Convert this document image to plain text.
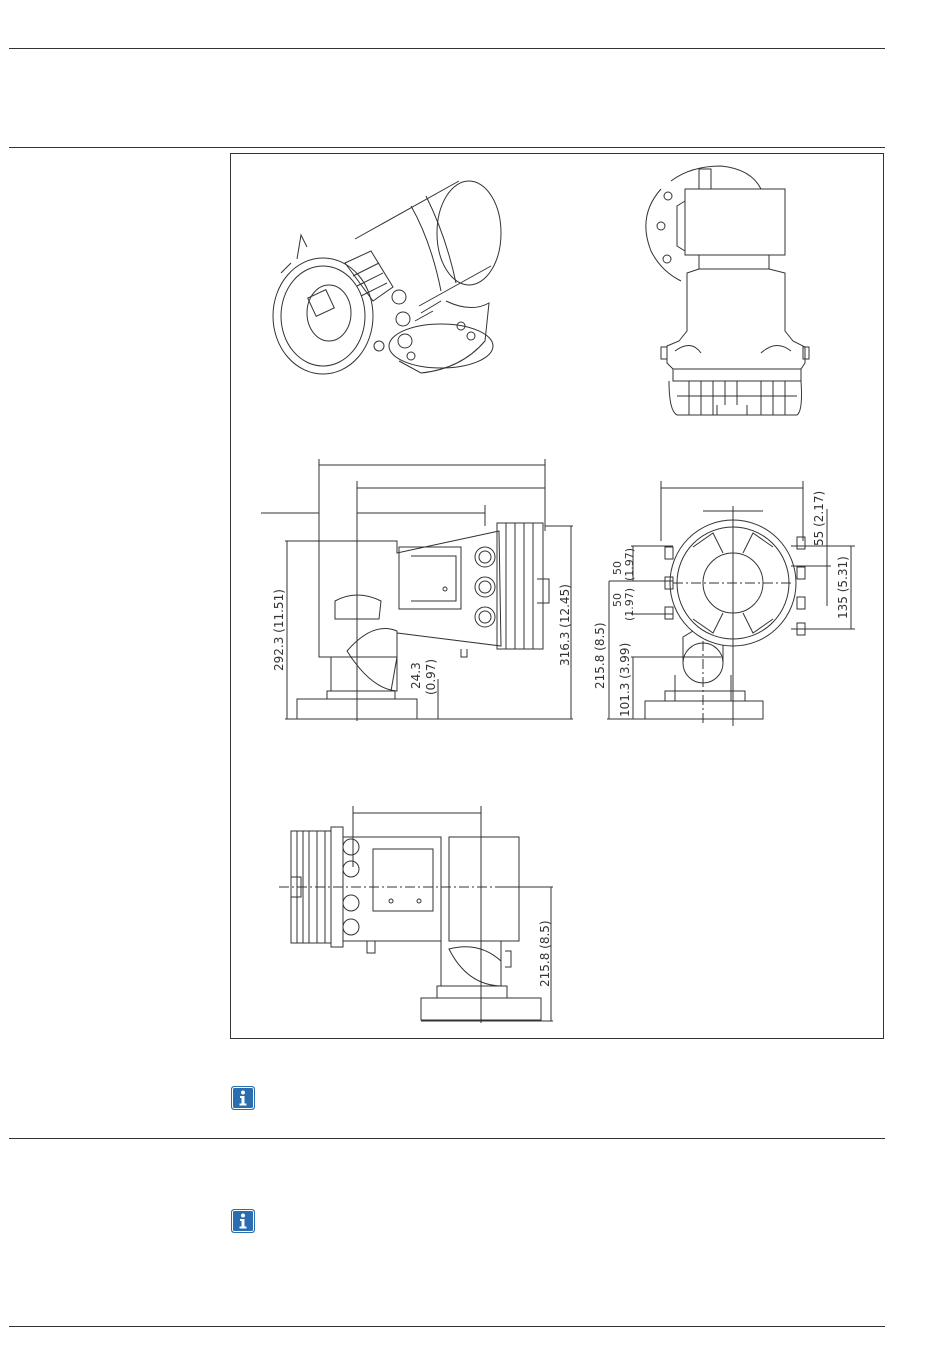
292.3 (11.51)	316.3 (12.45)
24.3 (0.97)	215.8 (8.5) 101.3 (3.99)
50 (1.97)
50 (1.97)
55 (2.17)
135 (5.31)
215.8 (8.5)
